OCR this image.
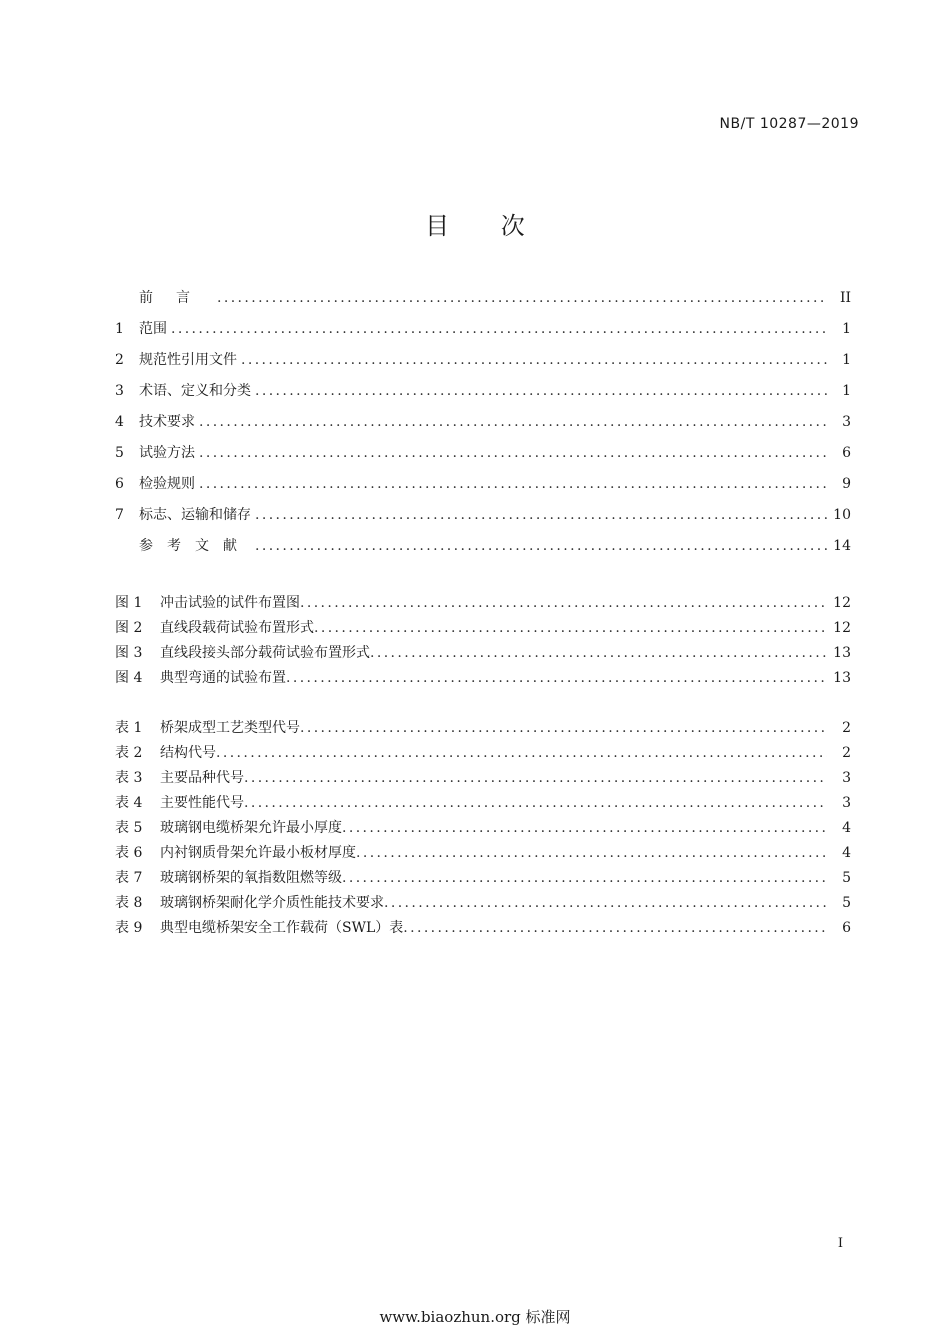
NB/T 10287—2019
目 次
前言 .....	II
1	范围 .....	1
2	规范性引用文件 .....	1
3	术语、定义和分类 .....	1
4	技术要求 .....	3
5	试验方法 .....	6
6	检验规则 .....	9
7	标志、运输和储存 .....	10
参考文献 .....	14
图 1	冲击试验的试件布置图 .....	12
图 2	直线段载荷试验布置形式 .....	12
图 3	直线段接头部分载荷试验布置形式 .....	13
图 4	典型弯通的试验布置 .....	13
表 1	桥架成型工艺类型代号 .....	2
表 2	结构代号 .....	2
表 3	主要品种代号 .....	3
表 4	主要性能代号 .....	3
表 5	玻璃钢电缆桥架允许最小厚度 .....	4
表 6	内衬钢质骨架允许最小板材厚度 .....	4
表 7	玻璃钢桥架的氧指数阻燃等级 .....	5
表 8	玻璃钢桥架耐化学介质性能技术要求 .....	5
表 9	典型电缆桥架安全工作载荷（SWL）表 .....	6
I
www.biaozhun.org 标准网
